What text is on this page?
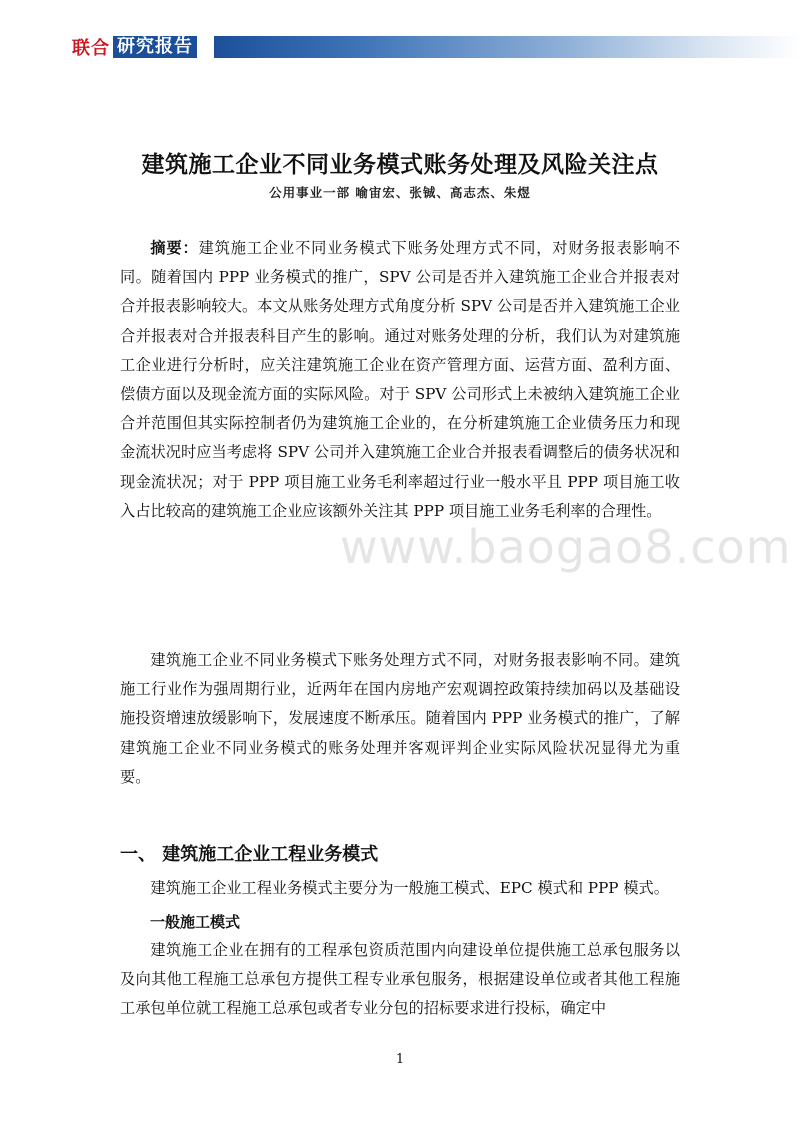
联合 研究报告
建筑施工企业不同业务模式账务处理及风险关注点
公用事业一部 喻宙宏、张铖、高志杰、朱煜

摘要：建筑施工企业不同业务模式下账务处理方式不同，对财务报表影响不同。随着国内 PPP 业务模式的推广，SPV 公司是否并入建筑施工企业合并报表对合并报表影响较大。本文从账务处理方式角度分析 SPV 公司是否并入建筑施工企业合并报表对合并报表科目产生的影响。通过对账务处理的分析，我们认为对建筑施工企业进行分析时，应关注建筑施工企业在资产管理方面、运营方面、盈利方面、偿债方面以及现金流方面的实际风险。对于 SPV 公司形式上未被纳入建筑施工企业合并范围但其实际控制者仍为建筑施工企业的，在分析建筑施工企业债务压力和现金流状况时应当考虑将 SPV 公司并入建筑施工企业合并报表看调整后的债务状况和现金流状况；对于 PPP 项目施工业务毛利率超过行业一般水平且 PPP 项目施工收入占比较高的建筑施工企业应该额外关注其 PPP 项目施工业务毛利率的合理性。

www.baogao8.com

建筑施工企业不同业务模式下账务处理方式不同，对财务报表影响不同。建筑施工行业作为强周期行业，近两年在国内房地产宏观调控政策持续加码以及基础设施投资增速放缓影响下，发展速度不断承压。随着国内 PPP 业务模式的推广，了解建筑施工企业不同业务模式的账务处理并客观评判企业实际风险状况显得尤为重要。

一、 建筑施工企业工程业务模式

建筑施工企业工程业务模式主要分为一般施工模式、EPC 模式和 PPP 模式。

一般施工模式

建筑施工企业在拥有的工程承包资质范围内向建设单位提供施工总承包服务以及向其他工程施工总承包方提供工程专业承包服务，根据建设单位或者其他工程施工承包单位就工程施工总承包或者专业分包的招标要求进行投标，确定中

1
